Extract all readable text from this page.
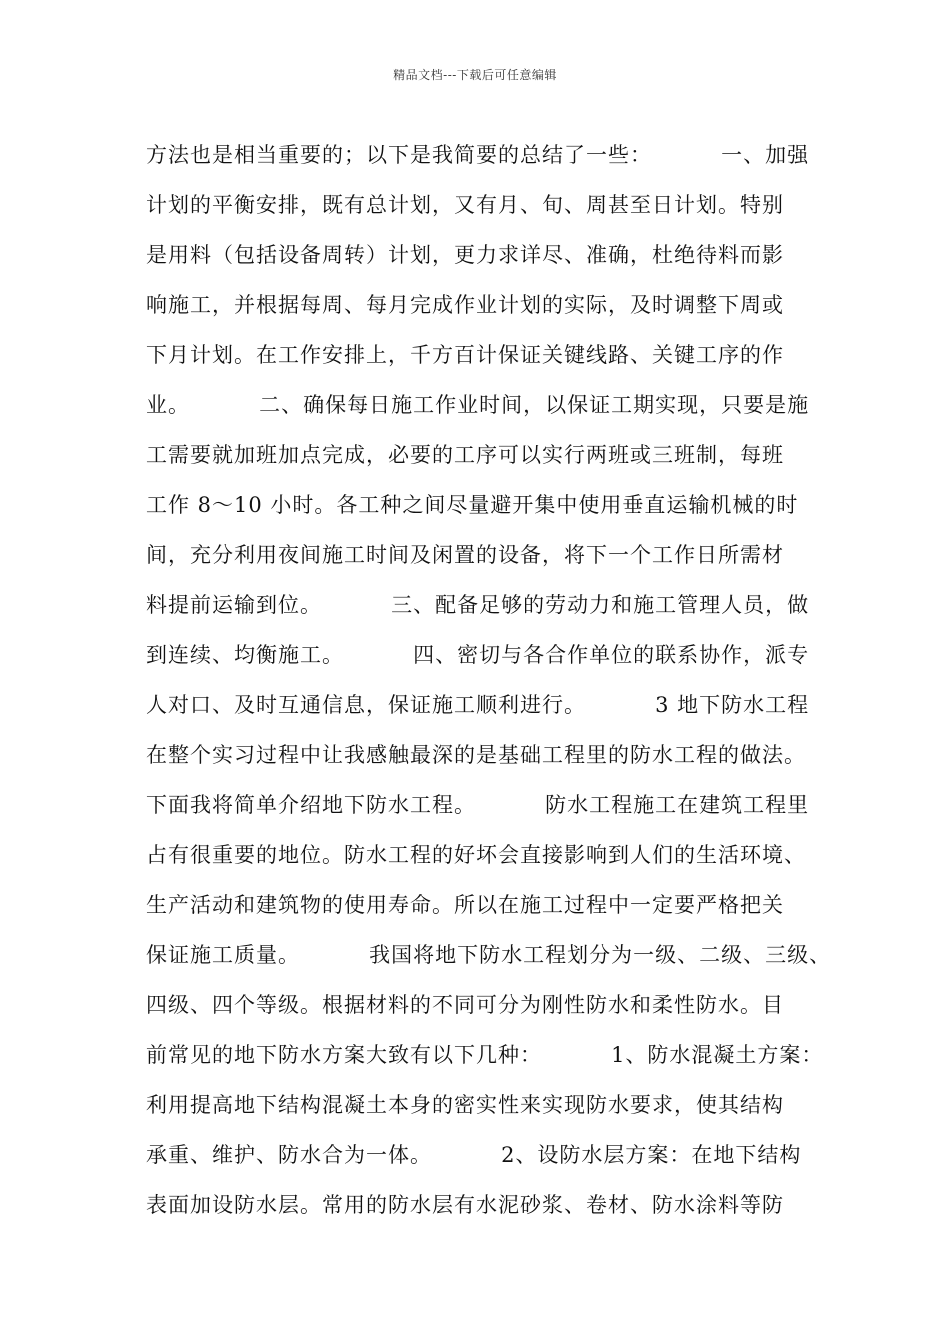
精品文档---下载后可任意编辑
方法也是相当重要的；以下是我简要的总结了一些：         一、加强
计划的平衡安排，既有总计划，又有月、旬、周甚至日计划。特别
是用料（包括设备周转）计划，更力求详尽、准确，杜绝待料而影
响施工，并根据每周、每月完成作业计划的实际，及时调整下周或
下月计划。在工作安排上，千方百计保证关键线路、关键工序的作
业。         二、确保每日施工作业时间，以保证工期实现，只要是施
工需要就加班加点完成，必要的工序可以实行两班或三班制，每班
工作 8～10 小时。各工种之间尽量避开集中使用垂直运输机械的时
间，充分利用夜间施工时间及闲置的设备，将下一个工作日所需材
料提前运输到位。         三、配备足够的劳动力和施工管理人员，做
到连续、均衡施工。         四、密切与各合作单位的联系协作，派专
人对口、及时互通信息，保证施工顺利进行。         3 地下防水工程
在整个实习过程中让我感触最深的是基础工程里的防水工程的做法。
下面我将简单介绍地下防水工程。         防水工程施工在建筑工程里
占有很重要的地位。防水工程的好坏会直接影响到人们的生活环境、
生产活动和建筑物的使用寿命。所以在施工过程中一定要严格把关
保证施工质量。         我国将地下防水工程划分为一级、二级、三级、
四级、四个等级。根据材料的不同可分为刚性防水和柔性防水。目
前常见的地下防水方案大致有以下几种：         1、防水混凝土方案：
利用提高地下结构混凝土本身的密实性来实现防水要求，使其结构
承重、维护、防水合为一体。         2、设防水层方案：在地下结构
表面加设防水层。常用的防水层有水泥砂浆、卷材、防水涂料等防
